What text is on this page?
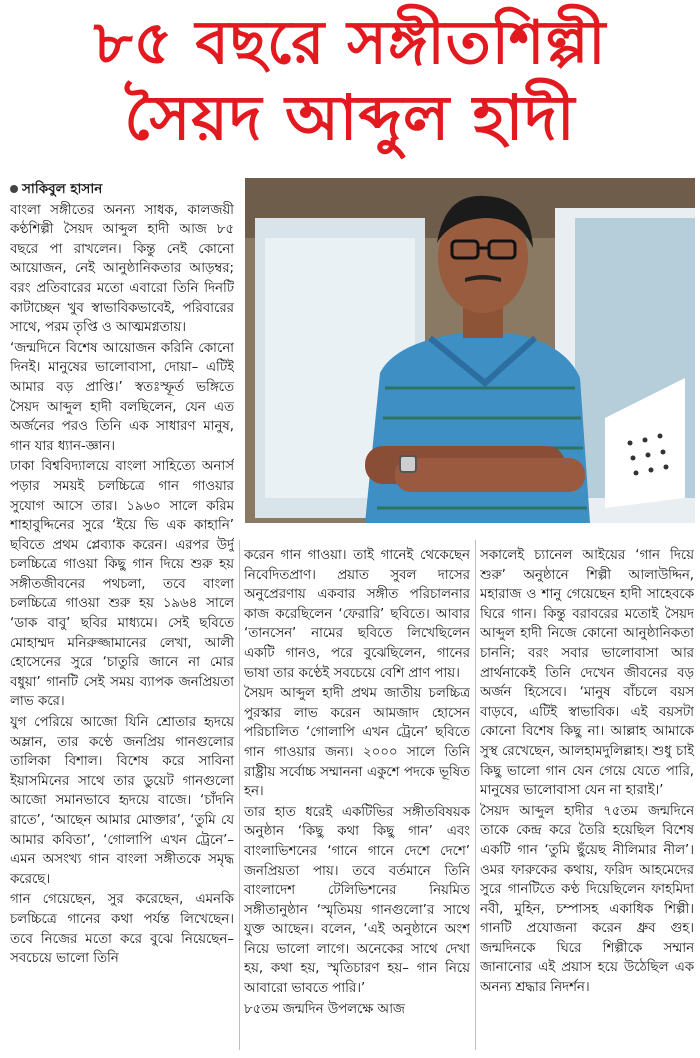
৮৫ বছরে সঙ্গীতশিল্পী
সৈয়দ আব্দুল হাদী
সাকিবুল হাসান

বাংলা সঙ্গীতের অনন্য সাধক, কালজয়ী কণ্ঠশিল্পী সৈয়দ আব্দুল হাদী আজ ৮৫ বছরে পা রাখলেন। কিন্তু নেই কোনো আয়োজন, নেই আনুষ্ঠানিকতার আড়ম্বর; বরং প্রতিবারের মতো এবারো তিনি দিনটি কাটাচ্ছেন খুব স্বাভাবিকভাবেই, পরিবারের সাথে, পরম তৃপ্তি ও আত্মমগ্নতায়।

‘জন্মদিনে বিশেষ আয়োজন করিনি কোনো দিনই। মানুষের ভালোবাসা, দোয়া– এটিই আমার বড় প্রাপ্তি।’ স্বতঃস্ফূর্ত ভঙ্গিতে সৈয়দ আব্দুল হাদী বলছিলেন, যেন এত অর্জনের পরও তিনি এক সাধারণ মানুষ, গান যার ধ্যান-জ্ঞান।

ঢাকা বিশ্ববিদ্যালয়ে বাংলা সাহিত্যে অনার্স পড়ার সময়ই চলচ্চিত্রে গান গাওয়ার সুযোগ আসে তার। ১৯৬০ সালে করিম শাহাবুদ্দিনের সুরে ‘ইয়ে ভি এক কাহানি’ ছবিতে প্রথম প্লেব্যাক করেন। এরপর উর্দু চলচ্চিত্রে গাওয়া কিছু গান দিয়ে শুরু হয় সঙ্গীতজীবনের পথচলা, তবে বাংলা চলচ্চিত্রে গাওয়া শুরু হয় ১৯৬৪ সালে ‘ডাক বাবু’ ছবির মাধ্যমে। সেই ছবিতে মোহাম্মদ মনিরুজ্জামানের লেখা, আলী হোসেনের সুরে ‘চাতুরি জানে না মোর বধুয়া’ গানটি সেই সময় ব্যাপক জনপ্রিয়তা লাভ করে।

যুগ পেরিয়ে আজো যিনি শ্রোতার হৃদয়ে অম্লান, তার কণ্ঠে জনপ্রিয় গানগুলোর তালিকা বিশাল। বিশেষ করে সাবিনা ইয়াসমিনের সাথে তার ডুয়েট গানগুলো আজো সমানভাবে হৃদয়ে বাজে। ‘চাঁদনি রাতে’, ‘আছেন আমার মোক্তার’, ‘তুমি যে আমার কবিতা’, ‘গোলাপি এখন ট্রেনে’–এমন অসংখ্য গান বাংলা সঙ্গীতকে সমৃদ্ধ করেছে।

গান গেয়েছেন, সুর করেছেন, এমনকি চলচ্চিত্রে গানের কথা পর্যন্ত লিখেছেন। তবে নিজের মতো করে বুঝে নিয়েছেন– সবচেয়ে ভালো তিনি

করেন গান গাওয়া। তাই গানেই থেকেছেন নিবেদিতপ্রাণ। প্রয়াত সুবল দাসের অনুপ্রেরণায় একবার সঙ্গীত পরিচালনার কাজ করেছিলেন ‘ফেরারি’ ছবিতে। আবার ‘তানসেন’ নামের ছবিতে লিখেছিলেন একটি গানও, পরে বুঝেছিলেন, গানের ভাষা তার কণ্ঠেই সবচেয়ে বেশি প্রাণ পায়।

সৈয়দ আব্দুল হাদী প্রথম জাতীয় চলচ্চিত্র পুরস্কার লাভ করেন আমজাদ হোসেন পরিচালিত ‘গোলাপি এখন ট্রেনে’ ছবিতে গান গাওয়ার জন্য। ২০০০ সালে তিনি রাষ্ট্রীয় সর্বোচ্চ সম্মাননা একুশে পদকে ভূষিত হন।

তার হাত ধরেই একটিভির সঙ্গীতবিষয়ক অনুষ্ঠান ‘কিছু কথা কিছু গান’ এবং বাংলাভিশনের ‘গানে গানে দেশে দেশে’ জনপ্রিয়তা পায়। তবে বর্তমানে তিনি বাংলাদেশ টেলিভিশনের নিয়মিত সঙ্গীতানুষ্ঠান ‘স্মৃতিময় গানগুলো’র সাথে যুক্ত আছেন। বলেন, ‘এই অনুষ্ঠানে অংশ নিয়ে ভালো লাগে। অনেকের সাথে দেখা হয়, কথা হয়, স্মৃতিচারণ হয়– গান নিয়ে আবারো ভাবতে পারি।’

৮৫তম জন্মদিন উপলক্ষে আজ

সকালেই চ্যানেল আইয়ের ‘গান দিয়ে শুরু’ অনুষ্ঠানে শিল্পী আলাউদ্দিন, মহারাজ ও শানু গেয়েছেন হাদী সাহেবকে ঘিরে গান। কিন্তু বরাবরের মতোই সৈয়দ আব্দুল হাদী নিজে কোনো আনুষ্ঠানিকতা চাননি; বরং সবার ভালোবাসা আর প্রার্থনাকেই তিনি দেখেন জীবনের বড় অর্জন হিসেবে। ‘মানুষ বাঁচলে বয়স বাড়বে, এটিই স্বাভাবিক। এই বয়সটা কোনো বিশেষ কিছু না। আল্লাহ আমাকে সুস্থ রেখেছেন, আলহামদুলিল্লাহ। শুধু চাই কিছু ভালো গান যেন গেয়ে যেতে পারি, মানুষের ভালোবাসা যেন না হারাই।’

সৈয়দ আব্দুল হাদীর ৭৫তম জন্মদিনে তাকে কেন্দ্র করে তৈরি হয়েছিল বিশেষ একটি গান ‘তুমি ছুঁয়েছ নীলিমার নীল’। ওমর ফারুকের কথায়, ফরিদ আহমেদের সুরে গানটিতে কণ্ঠ দিয়েছিলেন ফাহমিদা নবী, মুহিন, চম্পাসহ একাধিক শিল্পী। গানটি প্রযোজনা করেন ধ্রুব গুহ। জন্মদিনকে ঘিরে শিল্পীকে সম্মান জানানোর এই প্রয়াস হয়ে উঠেছিল এক অনন্য শ্রদ্ধার নিদর্শন।
